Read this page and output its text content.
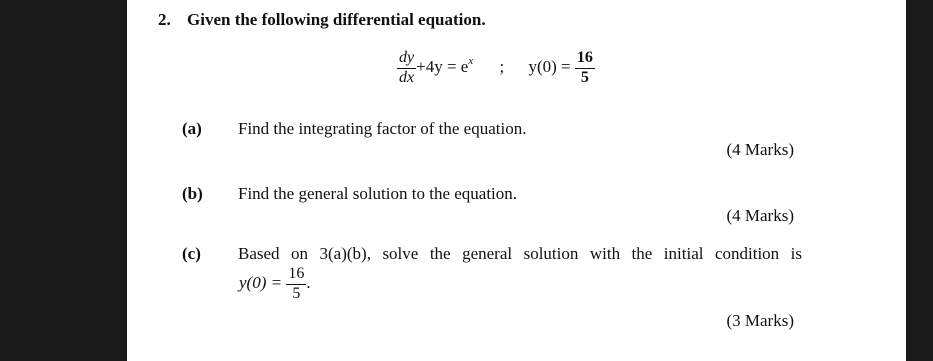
2. Given the following differential equation.
$\frac{dy}{dx} +4y = e^x$ ; $y(0) = \frac{16}{5}$
(a) Find the integrating factor of the equation.
(4 Marks)
(b) Find the general solution to the equation.
(4 Marks)
(c) Based on 3(a)(b), solve the general solution with the initial condition is
$y(0) = \frac{16}{5}$ .
(3 Marks)
